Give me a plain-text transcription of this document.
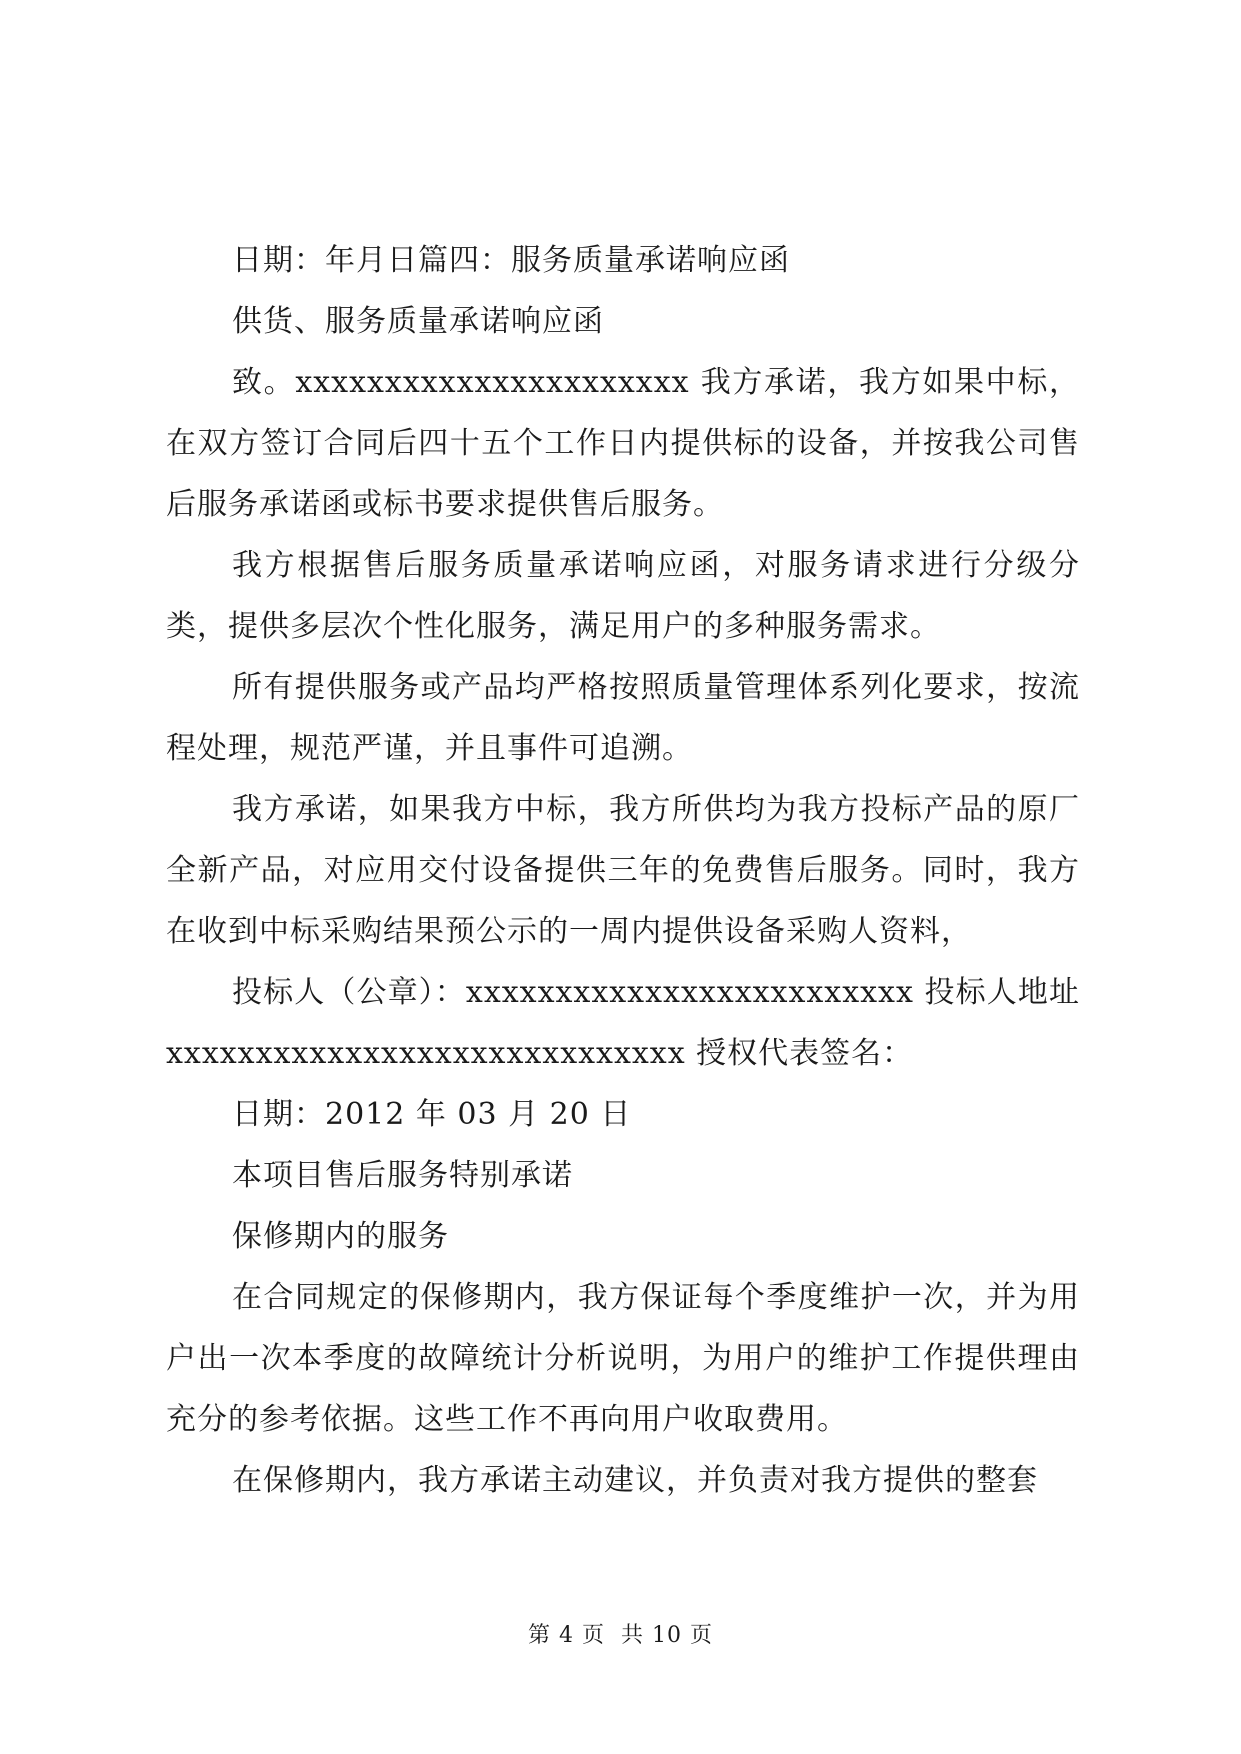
日期：年月日篇四：服务质量承诺响应函

供货、服务质量承诺响应函

致。xxxxxxxxxxxxxxxxxxxxxx 我方承诺，我方如果中标，在双方签订合同后四十五个工作日内提供标的设备，并按我公司售后服务承诺函或标书要求提供售后服务。

我方根据售后服务质量承诺响应函，对服务请求进行分级分类，提供多层次个性化服务，满足用户的多种服务需求。

所有提供服务或产品均严格按照质量管理体系列化要求，按流程处理，规范严谨，并且事件可追溯。

我方承诺，如果我方中标，我方所供均为我方投标产品的原厂全新产品，对应用交付设备提供三年的免费售后服务。同时，我方在收到中标采购结果预公示的一周内提供设备采购人资料，

投标人（公章）：xxxxxxxxxxxxxxxxxxxxxxxxx 投标人地址 xxxxxxxxxxxxxxxxxxxxxxxxxxxxx 授权代表签名：

日期：2012 年 03 月 20 日

本项目售后服务特别承诺

保修期内的服务

在合同规定的保修期内，我方保证每个季度维护一次，并为用户出一次本季度的故障统计分析说明，为用户的维护工作提供理由充分的参考依据。这些工作不再向用户收取费用。

在保修期内，我方承诺主动建议，并负责对我方提供的整套

第 4 页 共 10 页
